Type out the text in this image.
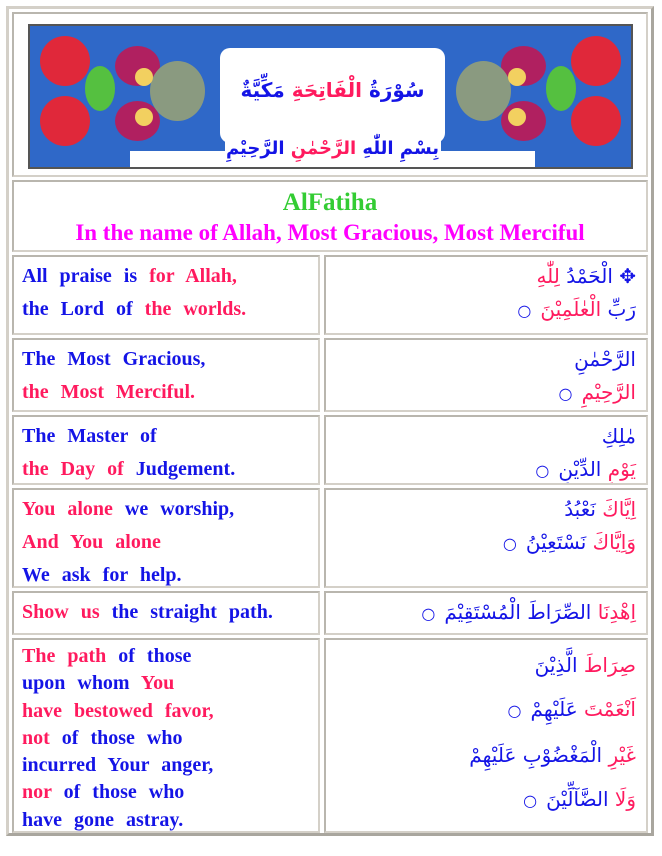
سُوْرَةُ الْفَاتِحَةِ مَكِّيَّةٌ
بِسْمِ اللّٰهِ الرَّحْمٰنِ الرَّحِيْمِ
AlFatiha
In the name of Allah, Most Gracious, Most Merciful
All praise is for Allah,
the Lord of the worlds.
✥ الْحَمْدُ لِلّٰهِ
رَبِّ الْعٰلَمِيْنَ ○
The Most Gracious,
the Most Merciful.
الرَّحْمٰنِ
الرَّحِيْمِ ○
The Master of
the Day of Judgement.
مٰلِكِ
يَوْمِ الدِّيْنِ ○
You alone we worship,
And You alone
We ask for help.
اِيَّاكَ نَعْبُدُ
وَاِيَّاكَ نَسْتَعِيْنُ ○
Show us the straight path.	اِهْدِنَا الصِّرَاطَ الْمُسْتَقِيْمَ ○
The path of those
upon whom You
have bestowed favor,
not of those who
incurred Your anger,
nor of those who
have gone astray.
صِرَاطَ الَّذِيْنَ
اَنْعَمْتَ عَلَيْهِمْ ○
غَيْرِ الْمَغْضُوْبِ عَلَيْهِمْ
وَلَا الضَّآلِّيْنَ ○
